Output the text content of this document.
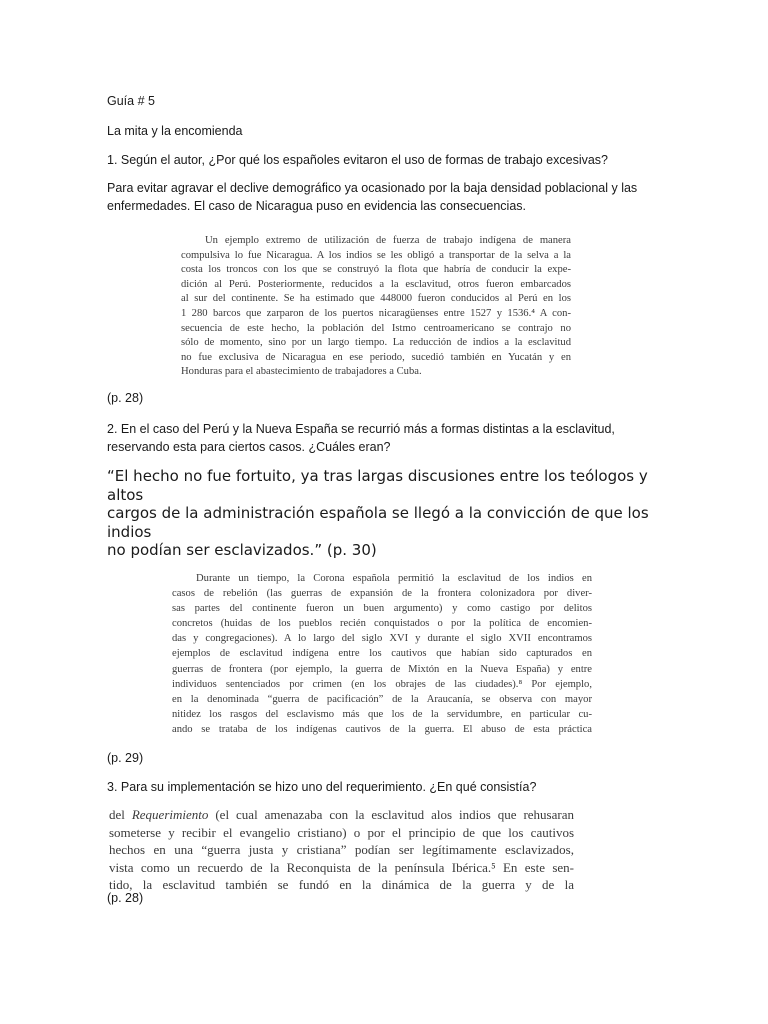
Guía # 5

La mita y la encomienda

1. Según el autor, ¿Por qué los españoles evitaron el uso de formas de trabajo excesivas?

Para evitar agravar el declive demográfico ya ocasionado por la baja densidad poblacional y las

enfermedades. El caso de Nicaragua puso en evidencia las consecuencias.

Un ejemplo extremo de utilización de fuerza de trabajo indígena de manera
compulsiva lo fue Nicaragua. A los indios se les obligó a transportar de la selva a la
costa los troncos con los que se construyó la flota que habría de conducir la expe-
dición al Perú. Posteriormente, reducidos a la esclavitud, otros fueron embarcados
al sur del continente. Se ha estimado que 448000 fueron conducidos al Perú en los
1 280 barcos que zarparon de los puertos nicaragüenses entre 1527 y 1536.⁴ A con-
secuencia de este hecho, la población del Istmo centroamericano se contrajo no
sólo de momento, sino por un largo tiempo. La reducción de indios a la esclavitud
no fue exclusiva de Nicaragua en ese periodo, sucedió también en Yucatán y en
Honduras para el abastecimiento de trabajadores a Cuba.

(p. 28)

2. En el caso del Perú y la Nueva España se recurrió más a formas distintas a la esclavitud,

reservando esta para ciertos casos. ¿Cuáles eran?

“El hecho no fue fortuito, ya tras largas discusiones entre los teólogos y
altos
cargos de la administración española se llegó a la convicción de que los
indios
no podían ser esclavizados.” (p. 30)
Durante un tiempo, la Corona española permitió la esclavitud de los indios en
casos de rebelión (las guerras de expansión de la frontera colonizadora por diver-
sas partes del continente fueron un buen argumento) y como castigo por delitos
concretos (huidas de los pueblos recién conquistados o por la política de encomien-
das y congregaciones). A lo largo del siglo XVI y durante el siglo XVII encontramos
ejemplos de esclavitud indígena entre los cautivos que habían sido capturados en
guerras de frontera (por ejemplo, la guerra de Mixtón en la Nueva España) y entre
individuos sentenciados por crimen (en los obrajes de las ciudades).⁸ Por ejemplo,
en la denominada “guerra de pacificación” de la Araucanía, se observa con mayor
nitidez los rasgos del esclavismo más que los de la servidumbre, en particular cu-
ando se trataba de los indígenas cautivos de la guerra. El abuso de esta práctica

(p. 29)

3. Para su implementación se hizo uno del requerimiento. ¿En qué consistía?

del Requerimiento (el cual amenazaba con la esclavitud alos indios que rehusaran
someterse y recibir el evangelio cristiano) o por el principio de que los cautivos
hechos en una “guerra justa y cristiana” podían ser legítimamente esclavizados,
vista como un recuerdo de la Reconquista de la península Ibérica.⁵ En este sen-
tido, la esclavitud también se fundó en la dinámica de la guerra y de la

(p. 28)
